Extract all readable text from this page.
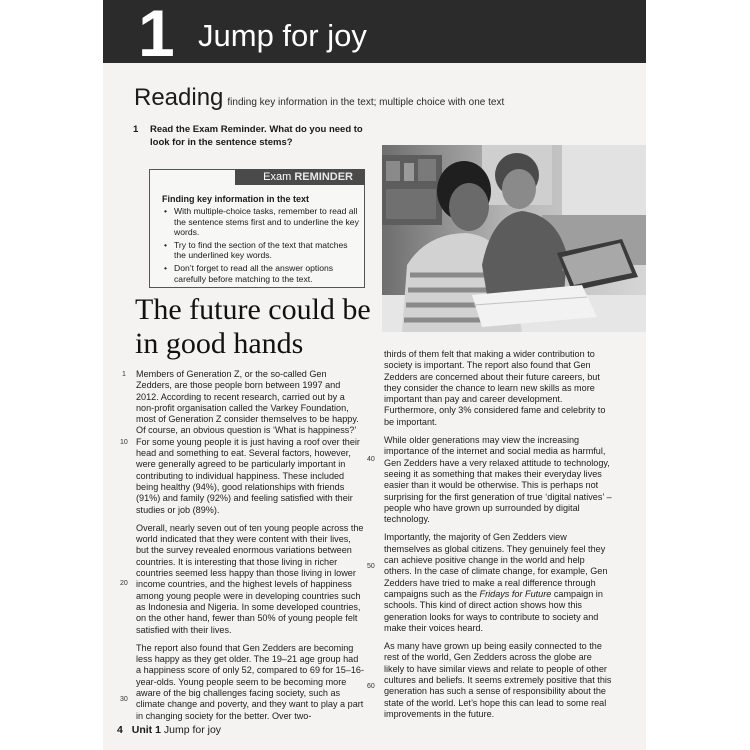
1 Jump for joy
Reading finding key information in the text; multiple choice with one text
1 Read the Exam Reminder. What do you need to look for in the sentence stems?
Exam REMINDER
Finding key information in the text
• With multiple-choice tasks, remember to read all the sentence stems first and to underline the key words.
• Try to find the section of the text that matches the underlined key words.
• Don’t forget to read all the answer options carefully before matching to the text.
The future could be in good hands

Members of Generation Z, or the so-called Gen Zedders, are those people born between 1997 and 2012. According to recent research, carried out by a non-profit organisation called the Varkey Foundation, most of Generation Z consider themselves to be happy. Of course, an obvious question is ‘What is happiness?’ For some young people it is just having a roof over their head and something to eat. Several factors, however, were generally agreed to be particularly important in contributing to individual happiness. These included being healthy (94%), good relationships with friends (91%) and family (92%) and feeling satisfied with their studies or job (89%).

Overall, nearly seven out of ten young people across the world indicated that they were content with their lives, but the survey revealed enormous variations between countries. It is interesting that those living in richer countries seemed less happy than those living in lower income countries, and the highest levels of happiness among young people were in developing countries such as Indonesia and Nigeria. In some developed countries, on the other hand, fewer than 50% of young people felt satisfied with their lives.

The report also found that Gen Zedders are becoming less happy as they get older. The 19–21 age group had a happiness score of only 52, compared to 69 for 15–16-year-olds. Young people seem to be becoming more aware of the big challenges facing society, such as climate change and poverty, and they want to play a part in changing society for the better. Over two-

thirds of them felt that making a wider contribution to society is important. The report also found that Gen Zedders are concerned about their future careers, but they consider the chance to learn new skills as more important than pay and career development. Furthermore, only 3% considered fame and celebrity to be important.

While older generations may view the increasing importance of the internet and social media as harmful, Gen Zedders have a very relaxed attitude to technology, seeing it as something that makes their everyday lives easier than it would be otherwise. This is perhaps not surprising for the first generation of true ‘digital natives’ – people who have grown up surrounded by digital technology.

Importantly, the majority of Gen Zedders view themselves as global citizens. They genuinely feel they can achieve positive change in the world and help others. In the case of climate change, for example, Gen Zedders have tried to make a real difference through campaigns such as the Fridays for Future campaign in schools. This kind of direct action shows how this generation looks for ways to contribute to society and make their voices heard.

As many have grown up being easily connected to the rest of the world, Gen Zedders across the globe are likely to have similar views and relate to people of other cultures and beliefs. It seems extremely positive that this generation has such a sense of responsibility about the state of the world. Let’s hope this can lead to some real improvements in the future.

1
10
20
30
40
50
60
4 Unit 1 Jump for joy
